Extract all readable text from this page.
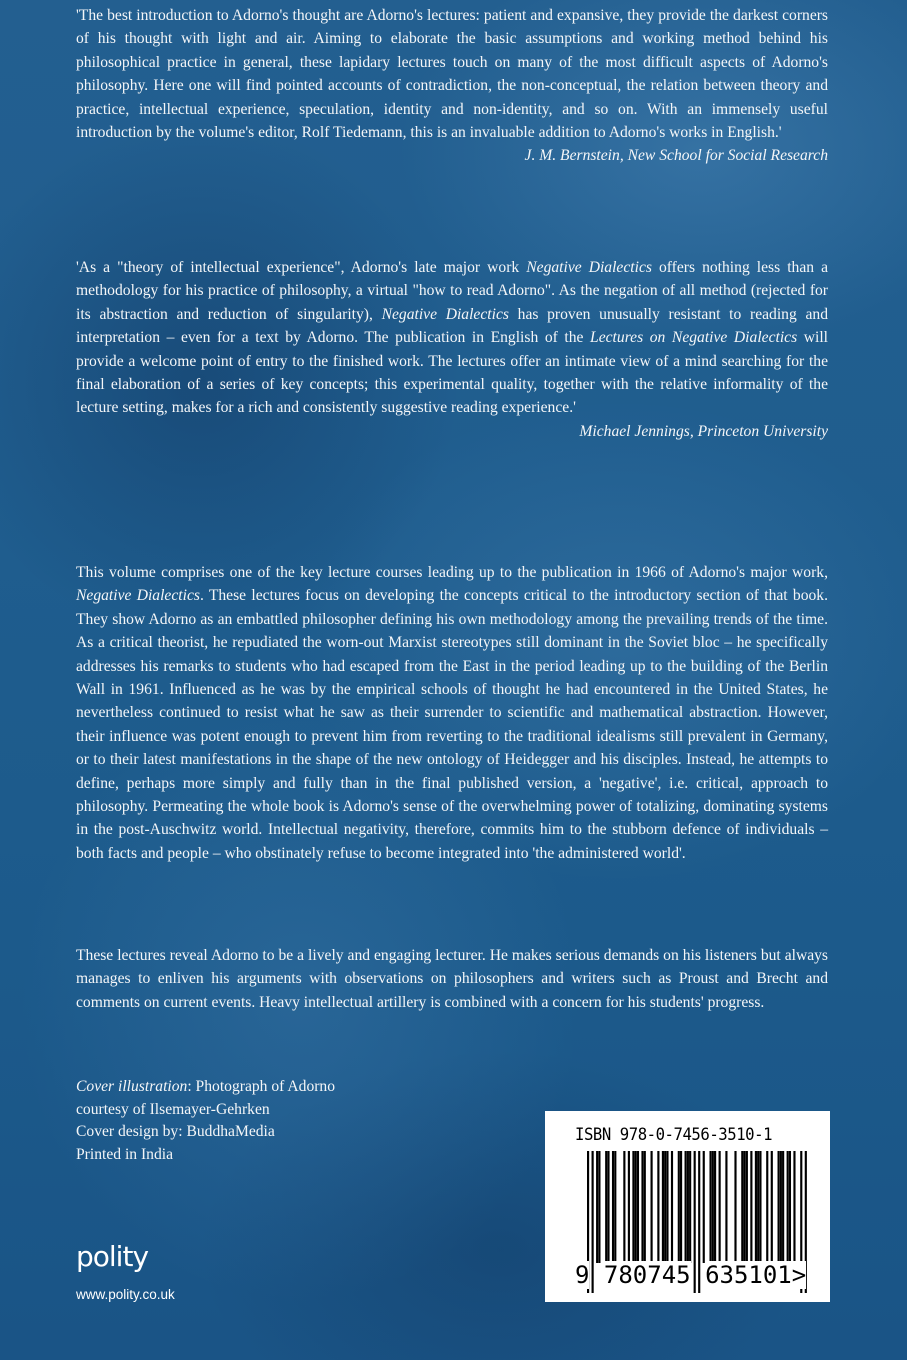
'The best introduction to Adorno's thought are Adorno's lectures: patient and expansive, they provide the darkest corners of his thought with light and air. Aiming to elaborate the basic assumptions and working method behind his philosophical practice in general, these lapidary lectures touch on many of the most difficult aspects of Adorno's philosophy. Here one will find pointed accounts of contradiction, the non-conceptual, the relation between theory and practice, intellectual experience, speculation, identity and non-identity, and so on. With an immensely useful introduction by the volume's editor, Rolf Tiedemann, this is an invaluable addition to Adorno's works in English.'

J. M. Bernstein, New School for Social Research

'As a "theory of intellectual experience", Adorno's late major work Negative Dialectics offers nothing less than a methodology for his practice of philosophy, a virtual "how to read Adorno". As the negation of all method (rejected for its abstraction and reduction of singularity), Negative Dialectics has proven unusually resistant to reading and interpretation – even for a text by Adorno. The publication in English of the Lectures on Negative Dialectics will provide a welcome point of entry to the finished work. The lectures offer an intimate view of a mind searching for the final elaboration of a series of key concepts; this experimental quality, together with the relative informality of the lecture setting, makes for a rich and consistently suggestive reading experience.'

Michael Jennings, Princeton University

This volume comprises one of the key lecture courses leading up to the publication in 1966 of Adorno's major work, Negative Dialectics. These lectures focus on developing the concepts critical to the introductory section of that book. They show Adorno as an embattled philosopher defining his own methodology among the prevailing trends of the time. As a critical theorist, he repudiated the worn-out Marxist stereotypes still dominant in the Soviet bloc – he specifically addresses his remarks to students who had escaped from the East in the period leading up to the building of the Berlin Wall in 1961. Influenced as he was by the empirical schools of thought he had encountered in the United States, he nevertheless continued to resist what he saw as their surrender to scientific and mathematical abstraction. However, their influence was potent enough to prevent him from reverting to the traditional idealisms still prevalent in Germany, or to their latest manifestations in the shape of the new ontology of Heidegger and his disciples. Instead, he attempts to define, perhaps more simply and fully than in the final published version, a 'negative', i.e. critical, approach to philosophy. Permeating the whole book is Adorno's sense of the overwhelming power of totalizing, dominating systems in the post-Auschwitz world. Intellectual negativity, therefore, commits him to the stubborn defence of individuals – both facts and people – who obstinately refuse to become integrated into 'the administered world'.

These lectures reveal Adorno to be a lively and engaging lecturer. He makes serious demands on his listeners but always manages to enliven his arguments with observations on philosophers and writers such as Proust and Brecht and comments on current events. Heavy intellectual artillery is combined with a concern for his students' progress.

Cover illustration: Photograph of Adorno
courtesy of Ilsemayer-Gehrken
Cover design by: BuddhaMedia
Printed in India
polity
www.polity.co.uk
ISBN 978-0-7456-3510-1
9 780745 635101>
